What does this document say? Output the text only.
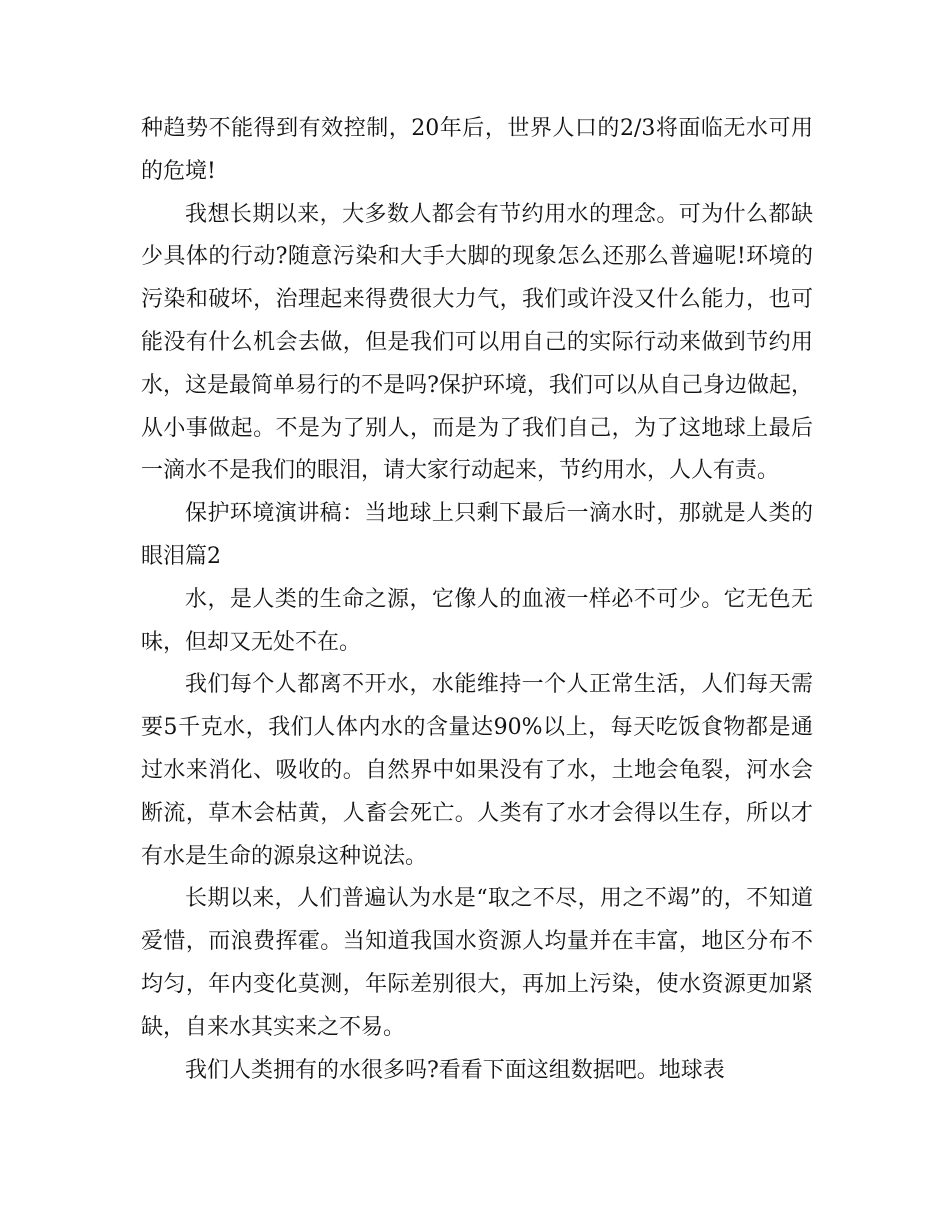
种趋势不能得到有效控制，20年后，世界人口的2/3将面临无水可用的危境!

我想长期以来，大多数人都会有节约用水的理念。可为什么都缺少具体的行动?随意污染和大手大脚的现象怎么还那么普遍呢!环境的污染和破坏，治理起来得费很大力气，我们或许没又什么能力，也可能没有什么机会去做，但是我们可以用自己的实际行动来做到节约用水，这是最简单易行的不是吗?保护环境，我们可以从自己身边做起，从小事做起。不是为了别人，而是为了我们自己，为了这地球上最后一滴水不是我们的眼泪，请大家行动起来，节约用水，人人有责。

保护环境演讲稿：当地球上只剩下最后一滴水时，那就是人类的眼泪篇2

水，是人类的生命之源，它像人的血液一样必不可少。它无色无味，但却又无处不在。

我们每个人都离不开水，水能维持一个人正常生活，人们每天需要5千克水，我们人体内水的含量达90%以上，每天吃饭食物都是通过水来消化、吸收的。自然界中如果没有了水，土地会龟裂，河水会断流，草木会枯黄，人畜会死亡。人类有了水才会得以生存，所以才有水是生命的源泉这种说法。

长期以来，人们普遍认为水是“取之不尽，用之不竭”的，不知道爱惜，而浪费挥霍。当知道我国水资源人均量并在丰富，地区分布不均匀，年内变化莫测，年际差别很大，再加上污染，使水资源更加紧缺，自来水其实来之不易。

我们人类拥有的水很多吗?看看下面这组数据吧。地球表
